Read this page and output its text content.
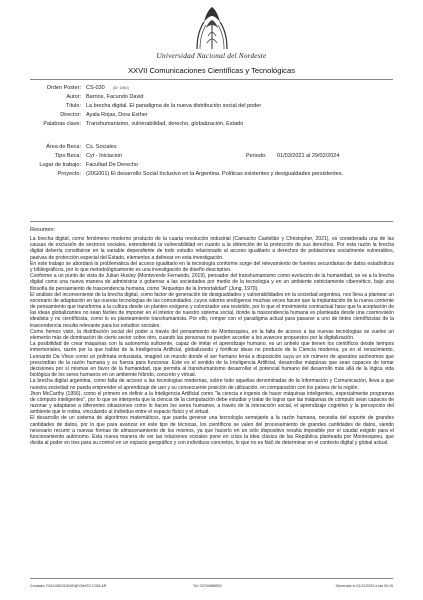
Universidad Nacional del Nordeste
XXVII Comunicaciones Científicas y Tecnológicas
Orden Poster: CS-030 (ID: 1940)
Autor: Barrios, Facundo David
Título: La brecha digital. El paradigma de la nueva distribución social del poder
Director: Ayala Rojas, Dora Esther
Palabras clave: Transhumanismo, vulnerabilidad, derecho, globalización, Estado
Área de Beca: Cs. Sociales
Tipo Beca: Cyt - Iniciacion	Periodo: 01/03/2021 al 29/02/2024
Lugar de trabajo: Facultad De Derecho
Proyecto: (20G001) El desarrollo Social Inclusivo en la Argentina. Políticas existentes y desigualdades persistentes.
Resumen:

La brecha digital, como fenómeno moderno producto de la cuarta revolución industrial (Camacho Castellán y Christopher, 2021), es considerada una de las causas de exclusión de sectores sociales, extendiendo la vulnerabilidad en cuanto a la obtención de la protección de sus derechos. Por esta razón la brecha digital debería constituirse en la variable dependiente de todo estudio relacionado al acceso igualitario a derechos de poblaciones socialmente vulnerables, pasivas de protección especial del Estado, elementos a delinear en esta investigación.

En este trabajo se abordará la problemática del acceso igualitario en la tecnología conforme surge del relevamiento de fuentes secundarias de datos estadísticos y bibliográficos, por lo que metodológicamente es una investigación de diseño descriptivo.

Conforme a un punto de vista de Julian Huxley (Monteverde Fernando, 2019), pensador del transhumanismo como evolución de la humanidad, se ve a la brecha digital como una nueva manera de administrar o gobernar a las sociedades por medio de la tecnología y en un ambiente estrictamente cibernético, bajo una filosofía de pensamiento de trascendencia humana, como "Arquetipo de la Inmortalidad" (Jung, 1970).

El análisis del inconveniente de la brecha digital, como factor de generación de desigualdades y vulnerabilidades en la sociedad argentina, nos lleva a plantear un escenario de adaptación en las nuevas tecnologías de las comunidades, cuyos valores endógenos muchas veces hacen que la implantación de la nueva corriente de pensamiento que transforma a la cultura desde un planteo exógeno y colonizador sea resistido, por lo que el movimiento contractual hace que la aceptación de las ideas globalizantes no sean fáciles de imponer en el interior de nuestro sistema social, donde la trascendencia humana es planteada desde una cosmovisión idealista y no científicista, como lo es planteamiento transhumanista. Por ello, romper con el paradigma actual para pasarse a uno de tintes científicistas de la trascendencia resulta relevante para los estudios sociales.

Como hemos visto, la distribución social del poder a través del pensamiento de Montesquieu, en la falta de acceso a las nuevas tecnologías se vuelve un elemento más de dominación de cierto sector sobre otro, cuando las personas no pueden acceder a los avances propuestos por la digitalización.

La posibilidad de crear máquinas con la autonomía suficiente, capaz de imitar el aprendizaje humano, es un anhelo que tienen los científicos desde tiempos inmemoriales, razón por la que hablar de la Inteligencia Artificial, globalizando y fortificar ideas no producto de la Ciencia moderna, ya en el renacimiento, Leonardo Da Vince como un polímata entusiasta, imaginó un mundo donde el ser humano tenía a disposición suya un sin número de aparatos autónomos que prescindían de la razón humana y su fuerza para funcionar. Este es el sentido de la Inteligencia Artificial, desarrollar máquinas que sean capaces de tomar decisiones por sí mismas en favor de la humanidad, que permita al transhumanismo desarrollar el potencial humano del desarrollo más allá de la lógica vida biológica de los seres humanos en un ambiente híbrido, concreto y virtual.

La brecha digital argentina, como falta de acceso a las tecnologías modernas, sobre todo aquellas denominadas de la Información y Comunicación, lleva a que nuestra sociedad no pueda emprender el aprendizaje de uso y su consecuente posición de utilización, en comparación con los países de la región.

Jhon McCarthy (1956), como el primero en definir a la Inteligencia Artificial como "la ciencia e ingenio de hacer máquinas inteligentes, especialmente programas de cómputo inteligentes", por lo que se interpreta que la ciencia de la computación debe estudiar y tratar de lograr que las máquinas de cómputo sean capaces de razonar y adaptarse a diferentes situaciones como lo hacen los seres humanos, a través de la interacción social, el aprendizaje cognitivo y la percepción del ambiente que le rodea, vinculando al individuo entre el espacio físico y el virtual.

El desarrollo de un sistema de algoritmos matemáticos, que pueda generar una tecnología semejante a la razón humana, necesita del soporte de grandes cantidades de datos, por lo que para avanzar en este tipo de técnicas, los científicos se valen del procesamiento de grandes cantidades de datos, siendo necesario recurrir a nuevas formas de almacenamiento de los mismos, ya que hacerlo en un sólo dispositivo resulta imposible por el caudal exigido para el funcionamiento autónomo. Esta nueva manera de ver las relaciones sociales pone en crisis la idea clásica de las República planteada por Montesquieu, que divida al poder en tres para su control en un espacio geográfico y con individuos concretos, lo que no es fácil de determinar en el contexto digital y global actual.

Contacto: FACUNDODAVID@YAHOO.COM.AR	Tel: 03794888530	Generado el 21/12/2023 a las 09:15
